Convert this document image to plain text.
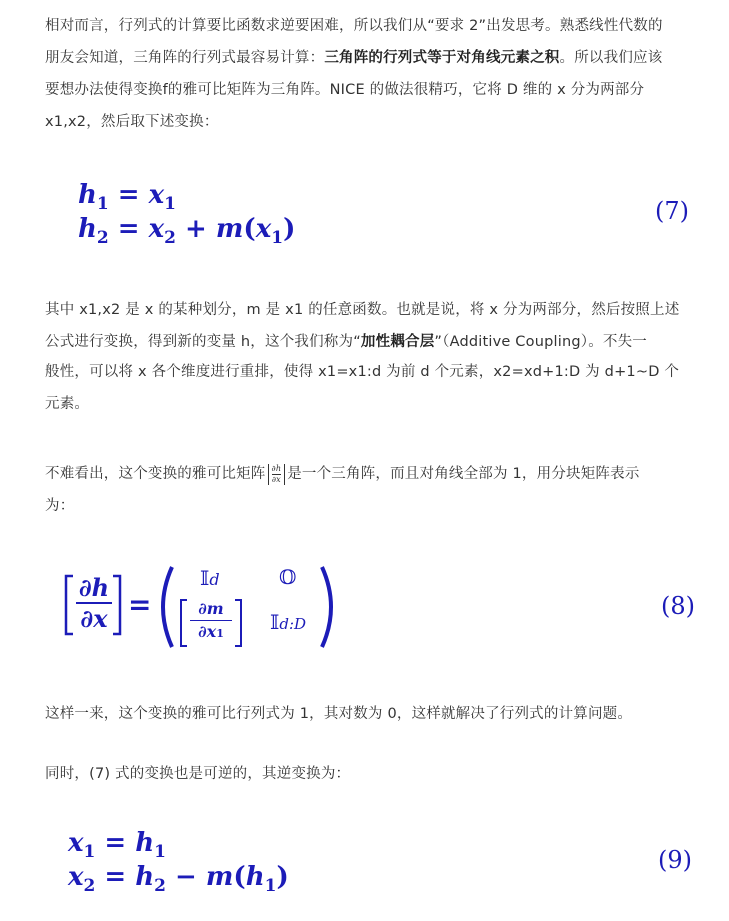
相对而言，行列式的计算要比函数求逆要困难，所以我们从“要求 2”出发思考。熟悉线性代数的

朋友会知道，三角阵的行列式最容易计算：三角阵的行列式等于对角线元素之积。所以我们应该

要想办法使得变换f的雅可比矩阵为三角阵。NICE 的做法很精巧，它将 D 维的 x 分为两部分

x1,x2，然后取下述变换：

$h_1 = x_1$
$h_2 = x_2 + m(x_1)$
(7)

其中 x1,x2 是 x 的某种划分，m 是 x1 的任意函数。也就是说，将 x 分为两部分，然后按照上述

公式进行变换，得到新的变量 h，这个我们称为“加性耦合层”（Additive Coupling）。不失一

般性，可以将 x 各个维度进行重排，使得 x1=x1:d 为前 d 个元素，x2=xd+1:D 为 d+1~D 个

元素。

不难看出，这个变换的雅可比矩阵 $\frac{\partial h}{\partial x}$ 是一个三角阵，而且对角线全部为 1，用分块矩阵表示

为：

$\frac{\partial h}{\partial x}$ =
𝕀d	𝕆
∂m
∂x1	𝕀d:D
(8)

这样一来，这个变换的雅可比行列式为 1，其对数为 0，这样就解决了行列式的计算问题。

同时，(7) 式的变换也是可逆的，其逆变换为：

$x_1 = h_1$
$x_2 = h_2 - m(h_1)$
(9)
